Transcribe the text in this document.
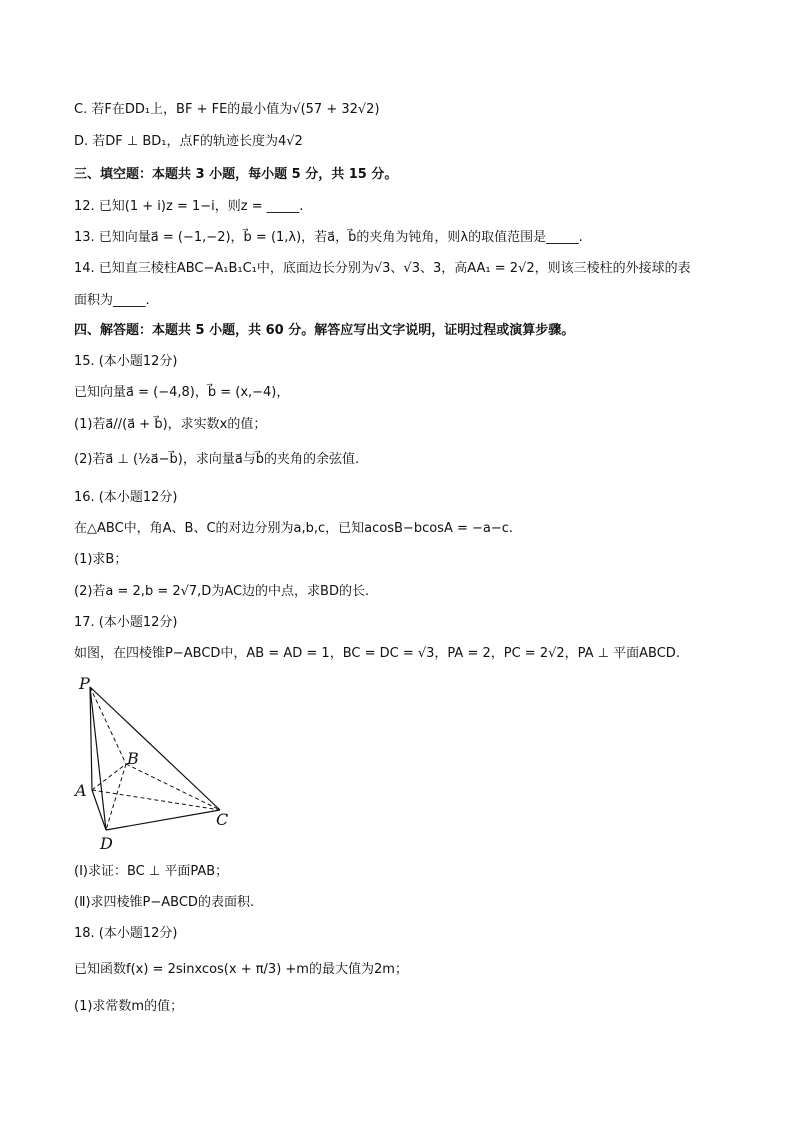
C. 若F在DD₁上，BF + FE的最小值为√(57 + 32√2)
D. 若DF ⊥ BD₁，点F的轨迹长度为4√2
三、填空题：本题共 3 小题，每小题 5 分，共 15 分。
12. 已知(1 + i)z = 1−i，则z = _____.
13. 已知向量a⃗ = (−1,−2)，b⃗ = (1,λ)，若a⃗，b⃗的夹角为钝角，则λ的取值范围是_____.
14. 已知直三棱柱ABC−A₁B₁C₁中，底面边长分别为√3、√3、3，高AA₁ = 2√2，则该三棱柱的外接球的表
面积为_____.
四、解答题：本题共 5 小题，共 60 分。解答应写出文字说明，证明过程或演算步骤。
15. (本小题12分)
已知向量a⃗ = (−4,8)，b⃗ = (x,−4)，
(1)若a⃗//(a⃗ + b⃗)，求实数x的值；
(2)若a⃗ ⊥ (½a⃗−b⃗)，求向量a⃗与b⃗的夹角的余弦值.
16. (本小题12分)
在△ABC中，角A、B、C的对边分别为a,b,c，已知acosB−bcosA = −a−c.
(1)求B；
(2)若a = 2,b = 2√7,D为AC边的中点，求BD的长.
17. (本小题12分)
如图，在四棱锥P−ABCD中，AB = AD = 1，BC = DC = √3，PA = 2，PC = 2√2，PA ⊥ 平面ABCD.
P
B
A
C
D
(Ⅰ)求证：BC ⊥ 平面PAB；
(Ⅱ)求四棱锥P−ABCD的表面积.
18. (本小题12分)
已知函数f(x) = 2sinxcos(x + π/3) +m的最大值为2m；
(1)求常数m的值；
